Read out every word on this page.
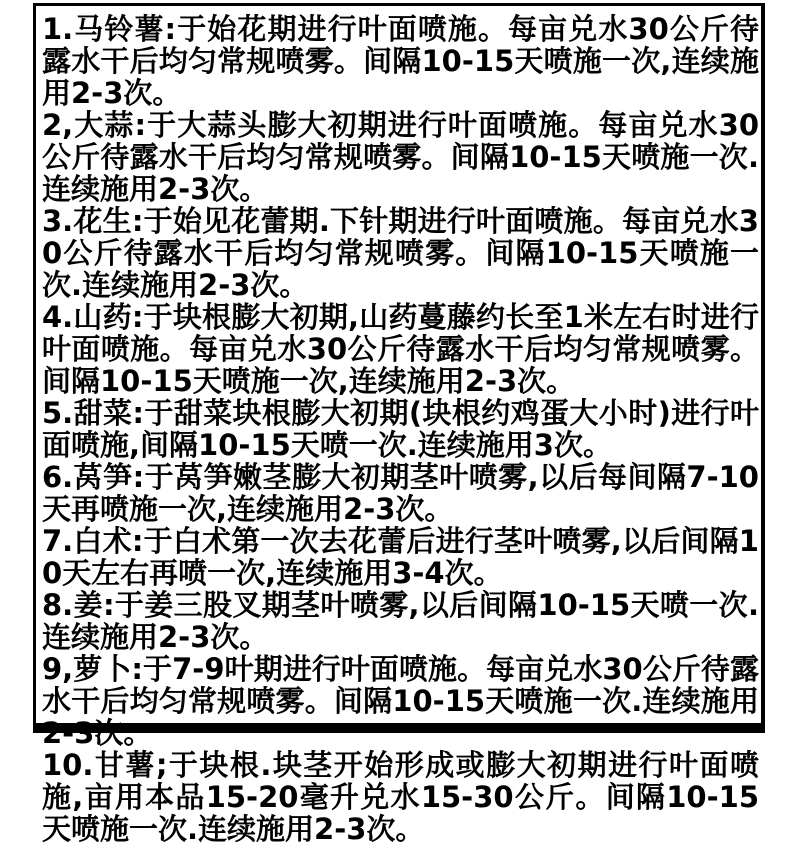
1.马铃薯:于始花期进行叶面喷施。每亩兑水30公斤待露水干后均匀常规喷雾。间隔10-15天喷施一次,连续施用2-3次。

2,大蒜:于大蒜头膨大初期进行叶面喷施。每亩兑水30公斤待露水干后均匀常规喷雾。间隔10-15天喷施一次.连续施用2-3次。

3.花生:于始见花蕾期.下针期进行叶面喷施。每亩兑水30公斤待露水干后均匀常规喷雾。间隔10-15天喷施一次.连续施用2-3次。

4.山药:于块根膨大初期,山药蔓藤约长至1米左右时进行叶面喷施。每亩兑水30公斤待露水干后均匀常规喷雾。间隔10-15天喷施一次,连续施用2-3次。

5.甜菜:于甜菜块根膨大初期(块根约鸡蛋大小时)进行叶面喷施,间隔10-15天喷一次.连续施用3次。

6.莴笋:于莴笋嫩茎膨大初期茎叶喷雾,以后每间隔7-10天再喷施一次,连续施用2-3次。

7.白术:于白术第一次去花蕾后进行茎叶喷雾,以后间隔10天左右再喷一次,连续施用3-4次。

8.姜:于姜三股叉期茎叶喷雾,以后间隔10-15天喷一次.连续施用2-3次。

9,萝卜:于7-9叶期进行叶面喷施。每亩兑水30公斤待露水干后均匀常规喷雾。间隔10-15天喷施一次.连续施用2-3次。

10.甘薯;于块根.块茎开始形成或膨大初期进行叶面喷施,亩用本品15-20毫升兑水15-30公斤。间隔10-15天喷施一次.连续施用2-3次。
